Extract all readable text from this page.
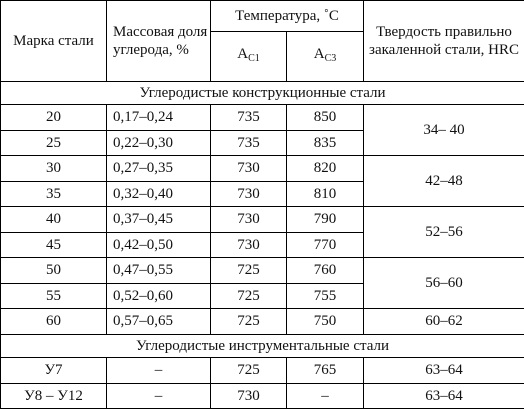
Марка стали	Массовая доля углерода, %	Температура, ˚С		Твердость правильно закаленной стали, HRC
		$A_{C1}$	$A_{C3}$
Углеродистые конструкционные стали				
20	0,17–0,24	735	850	34– 40
25	0,22–0,30	735	835	
30	0,27–0,35	730	820	42–48
35	0,32–0,40	730	810	
40	0,37–0,45	730	790	52–56
45	0,42–0,50	730	770	
50	0,47–0,55	725	760	56–60
55	0,52–0,60	725	755	
60	0,57–0,65	725	750	60–62
Углеродистые инструментальные стали				
У7	–	725	765	63–64
У8 – У12	–	730	–	63–64
